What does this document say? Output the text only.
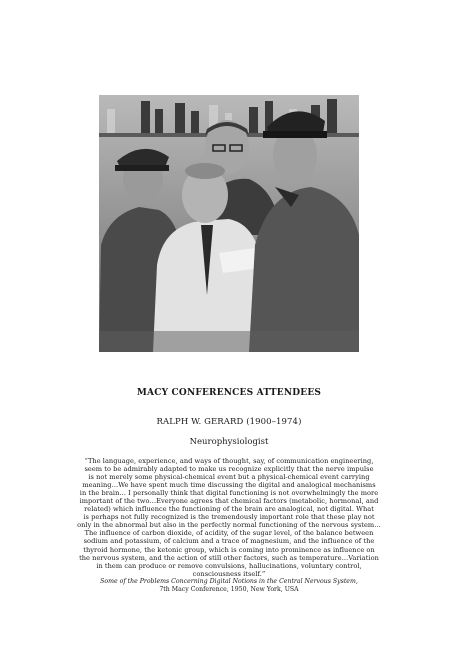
MACY CONFERENCES ATTENDEES
RALPH W. GERARD (1900–1974)
Neurophysiologist
“The language, experience, and ways of thought, say, of communication engineering,
seem to be admirably adapted to make us recognize explicitly that the nerve impulse
is not merely some physical-chemical event but a physical-chemical event carrying
meaning…We have spent much time discussing the digital and analogical mechanisms
in the brain… I personally think that digital functioning is not overwhelmingly the more
important of the two…Everyone agrees that chemical factors (metabolic, hormonal, and
related) which influence the functioning of the brain are analogical, not digital. What
is perhaps not fully recognized is the tremendously important role that these play not
only in the abnormal but also in the perfectly normal functioning of the nervous system…
The influence of carbon dioxide, of acidity, of the sugar level, of the balance between
sodium and potassium, of calcium and a trace of magnesium, and the influence of the
thyroid hormone, the ketonic group, which is coming into prominence as influence on
the nervous system, and the action of still other factors, such as temperature…Variation
in them can produce or remove convulsions, hallucinations, voluntary control,
consciousness itself.”
Some of the Problems Concerning Digital Notions in the Central Nervous System,
7th Macy Conference, 1950, New York, USA
